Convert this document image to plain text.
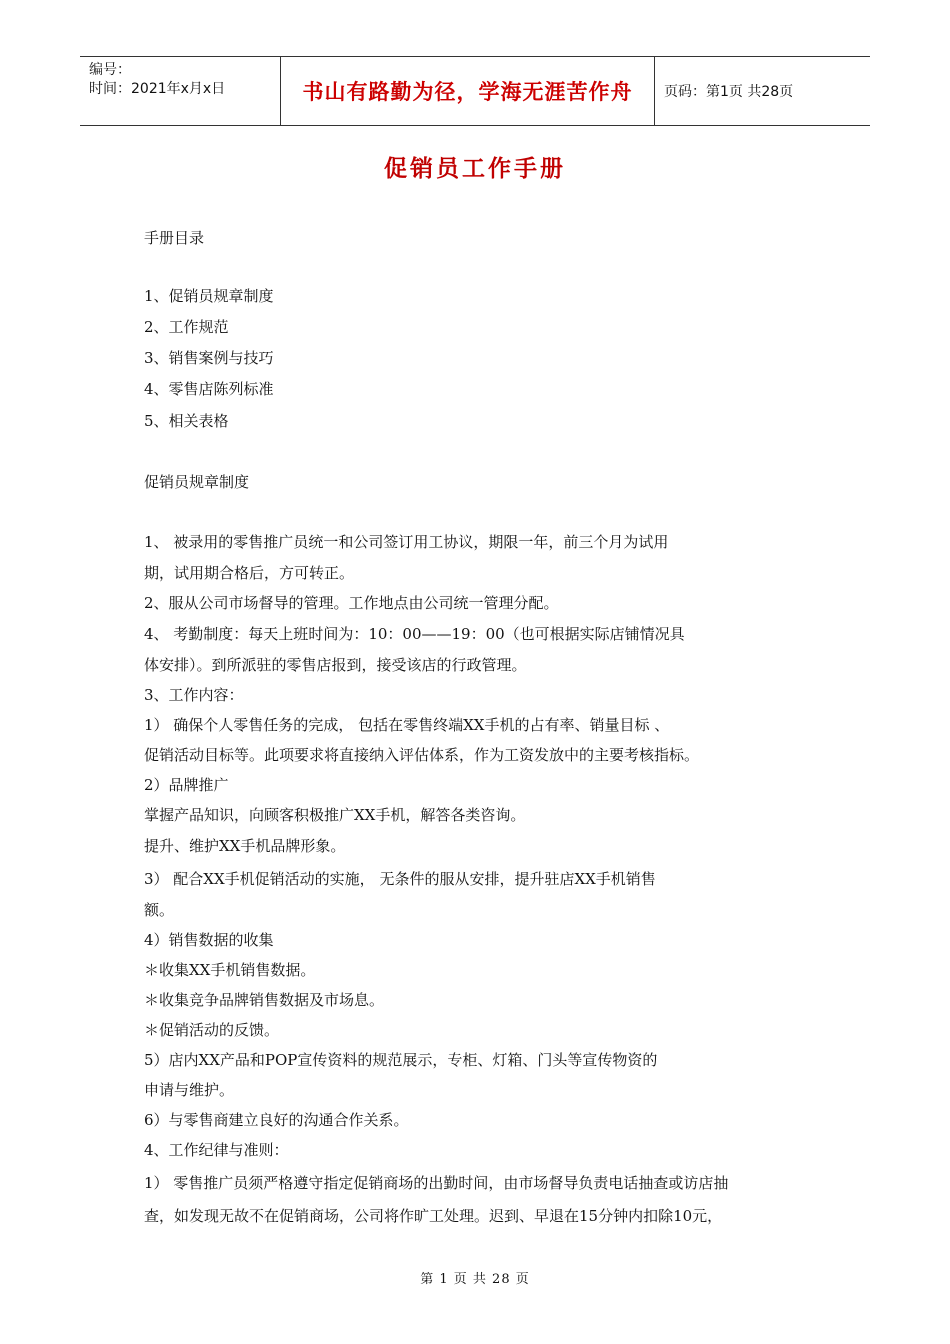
编号：
时间：2021年x月x日	书山有路勤为径，学海无涯苦作舟	页码：第1页 共28页
促销员工作手册
手册目录
1、促销员规章制度
2、工作规范
3、销售案例与技巧
4、零售店陈列标准
5、相关表格
促销员规章制度
1、 被录用的零售推广员统一和公司签订用工协议，期限一年，前三个月为试用
期，试用期合格后，方可转正。
2、服从公司市场督导的管理。工作地点由公司统一管理分配。
4、 考勤制度：每天上班时间为：10：00——19：00（也可根据实际店铺情况具
体安排）。到所派驻的零售店报到，接受该店的行政管理。
3、工作内容：
1） 确保个人零售任务的完成， 包括在零售终端XX手机的占有率、销量目标 、
促销活动目标等。此项要求将直接纳入评估体系，作为工资发放中的主要考核指标。
2）品牌推广
掌握产品知识，向顾客积极推广XX手机，解答各类咨询。
提升、维护XX手机品牌形象。
3） 配合XX手机促销活动的实施， 无条件的服从安排，提升驻店XX手机销售
额。
4）销售数据的收集
＊收集XX手机销售数据。
＊收集竞争品牌销售数据及市场息。
＊促销活动的反馈。
5）店内XX产品和POP宣传资料的规范展示，专柜、灯箱、门头等宣传物资的
申请与维护。
6）与零售商建立良好的沟通合作关系。
4、工作纪律与准则：
1） 零售推广员须严格遵守指定促销商场的出勤时间，由市场督导负责电话抽查或访店抽
查，如发现无故不在促销商场，公司将作旷工处理。迟到、早退在15分钟内扣除10元，
第 1 页 共 28 页
